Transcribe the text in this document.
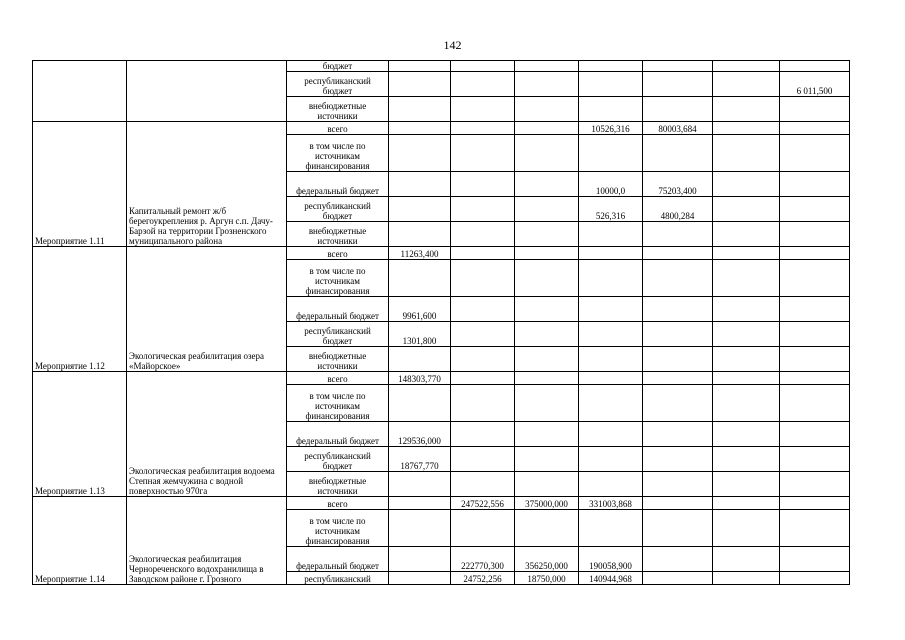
142
		бюджет							
		республиканский бюджет							6 011,500
		внебюджетные источники							
Мероприятие 1.11	Капитальный ремонт ж/б берегоукрепления р. Аргун с.п. Дачу-Барзой на территории Грозненского муниципального района	всего				10526,316	80003,684		
		в том числе по источникам финансирования							
		федеральный бюджет				10000,0	75203,400		
		республиканский бюджет				526,316	4800,284		
		внебюджетные источники							
Мероприятие 1.12	Экологическая реабилитация озера «Майорское»	всего	11263,400						
		в том числе по источникам финансирования							
		федеральный бюджет	9961,600						
		республиканский бюджет	1301,800						
		внебюджетные источники							
Мероприятие 1.13	Экологическая реабилитация водоема Степная жемчужина с водной поверхностью 970га	всего	148303,770						
		в том числе по источникам финансирования							
		федеральный бюджет	129536,000						
		республиканский бюджет	18767,770						
		внебюджетные источники							
Мероприятие 1.14	Экологическая реабилитация Чернореченского водохранилища в Заводском районе г. Грозного	всего		247522,556	375000,000	331003,868			
		в том числе по источникам финансирования							
		федеральный бюджет		222770,300	356250,000	190058,900			
		республиканский		24752,256	18750,000	140944,968			
